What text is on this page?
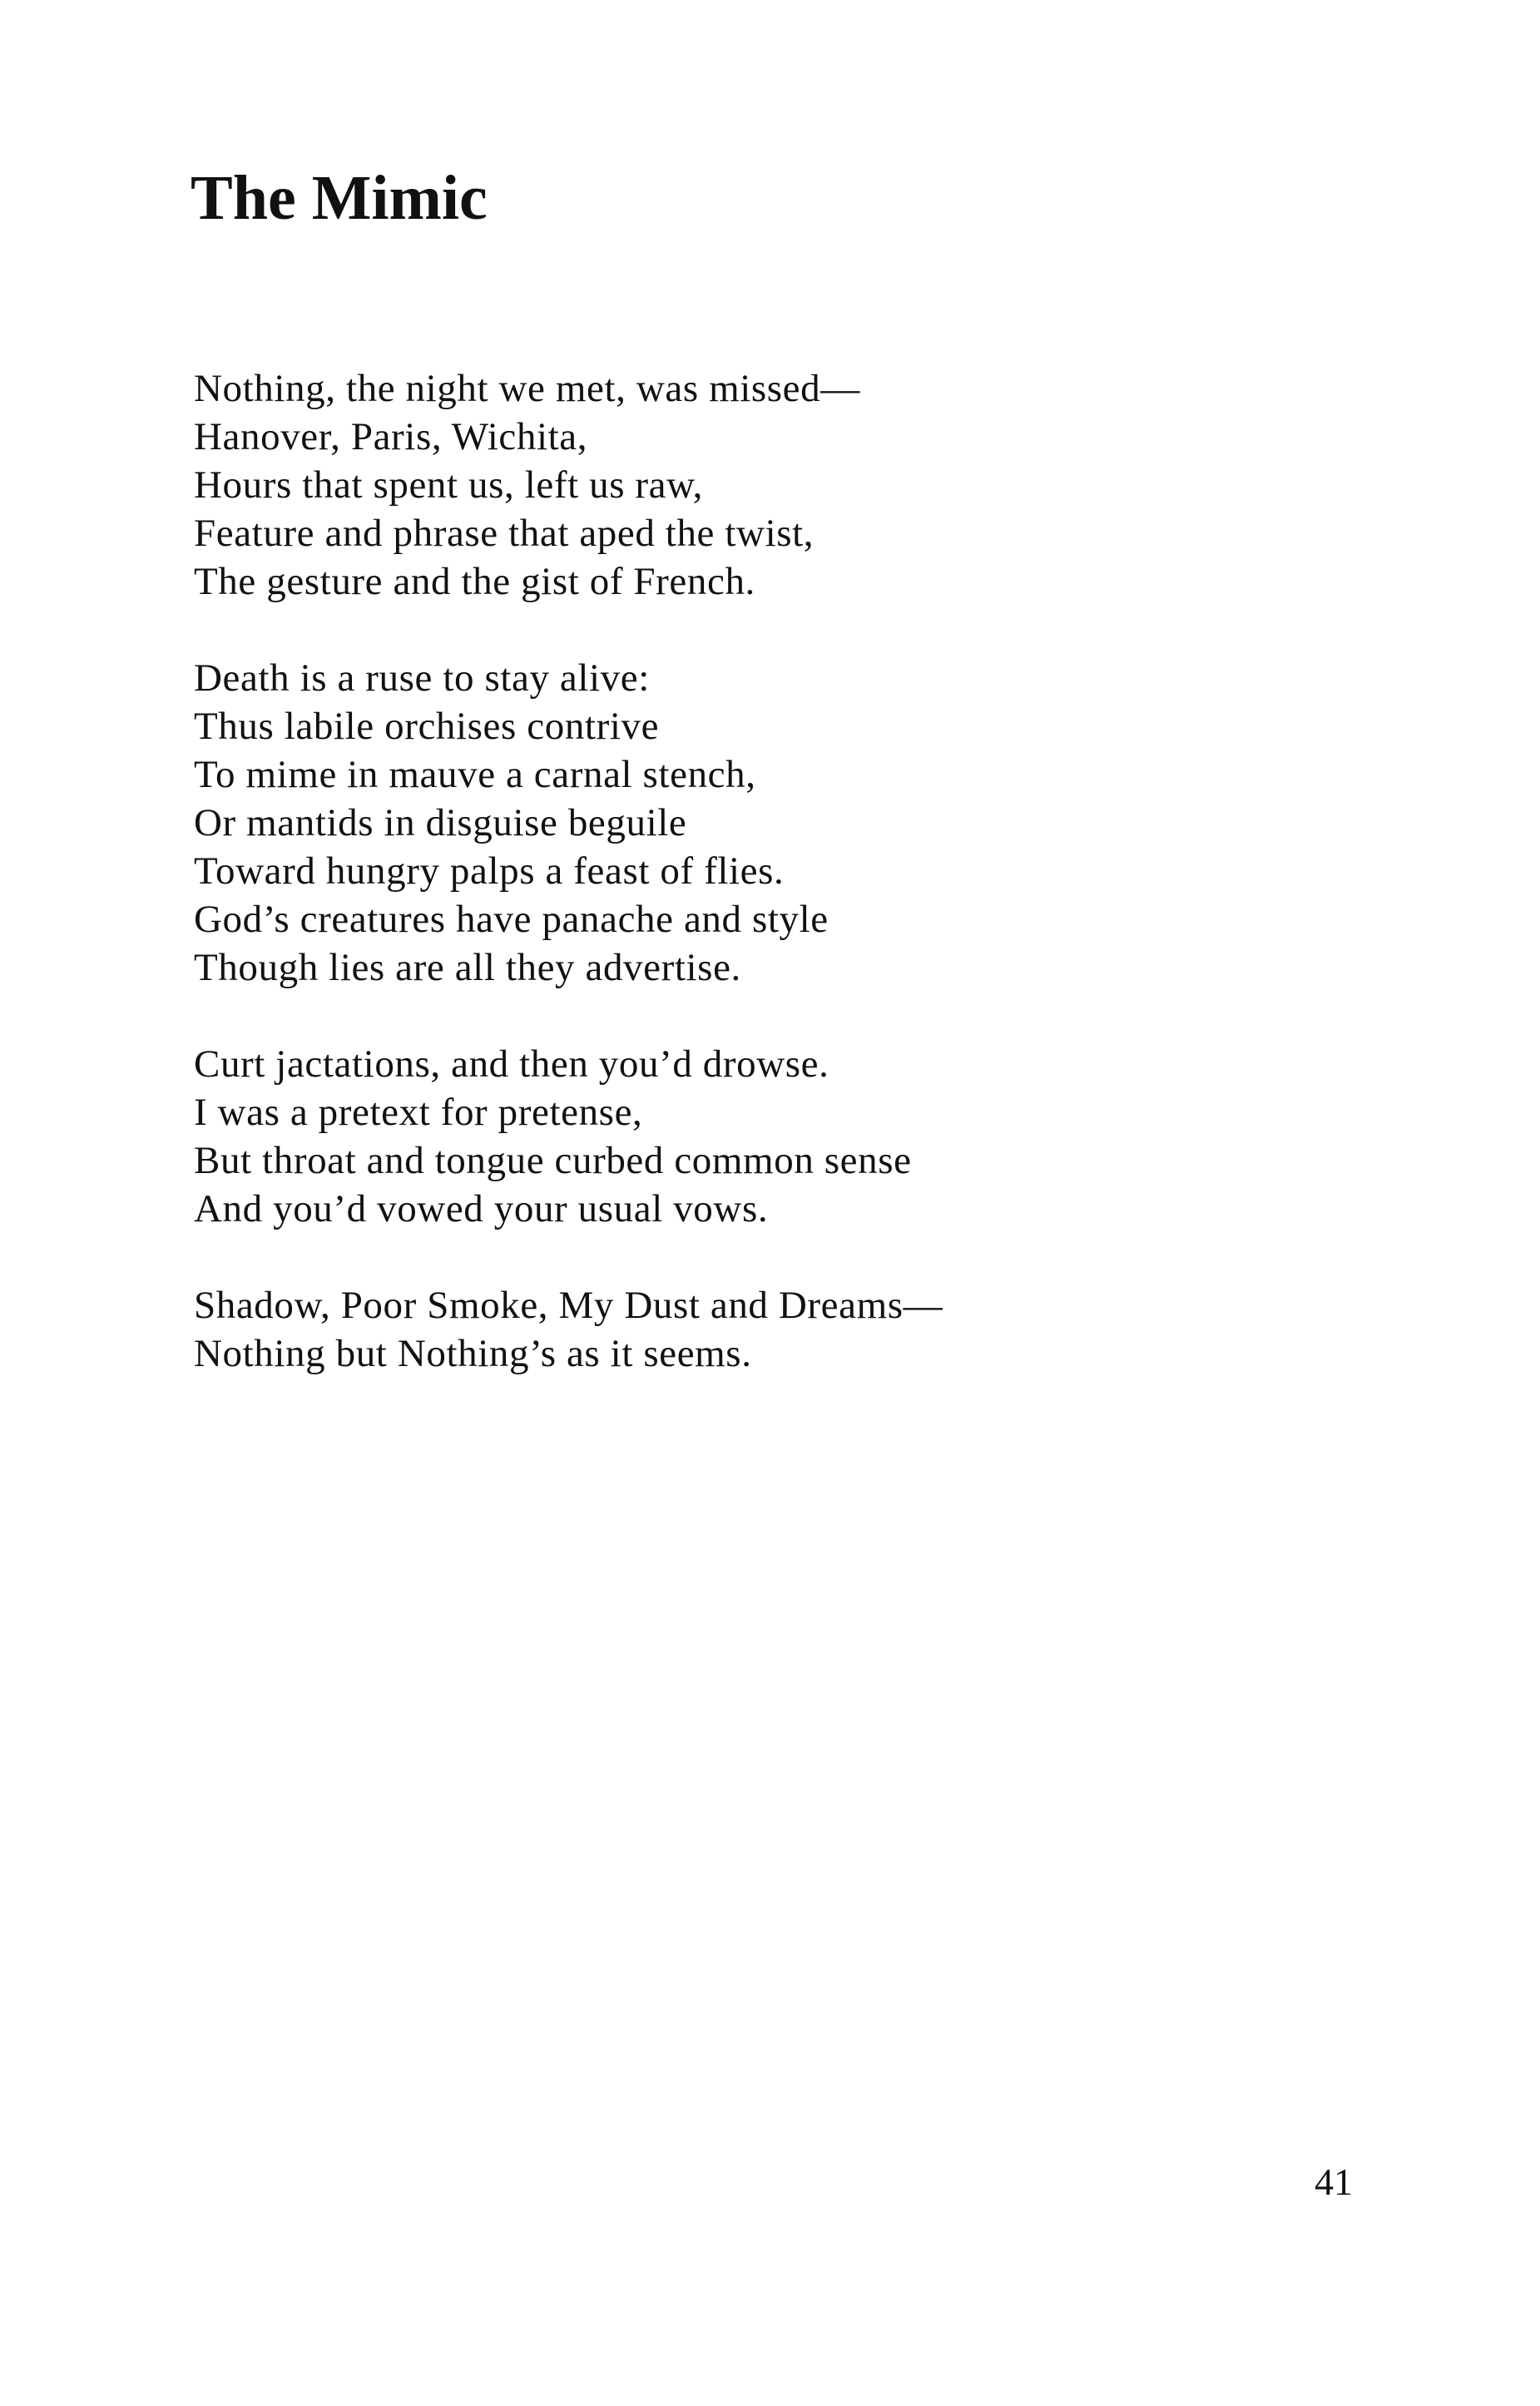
The Mimic
Nothing, the night we met, was missed—
Hanover, Paris, Wichita,
Hours that spent us, left us raw,
Feature and phrase that aped the twist,
The gesture and the gist of French.
Death is a ruse to stay alive:
Thus labile orchises contrive
To mime in mauve a carnal stench,
Or mantids in disguise beguile
Toward hungry palps a feast of flies.
God’s creatures have panache and style
Though lies are all they advertise.
Curt jactations, and then you’d drowse.
I was a pretext for pretense,
But throat and tongue curbed common sense
And you’d vowed your usual vows.
Shadow, Poor Smoke, My Dust and Dreams—
Nothing but Nothing’s as it seems.
41
